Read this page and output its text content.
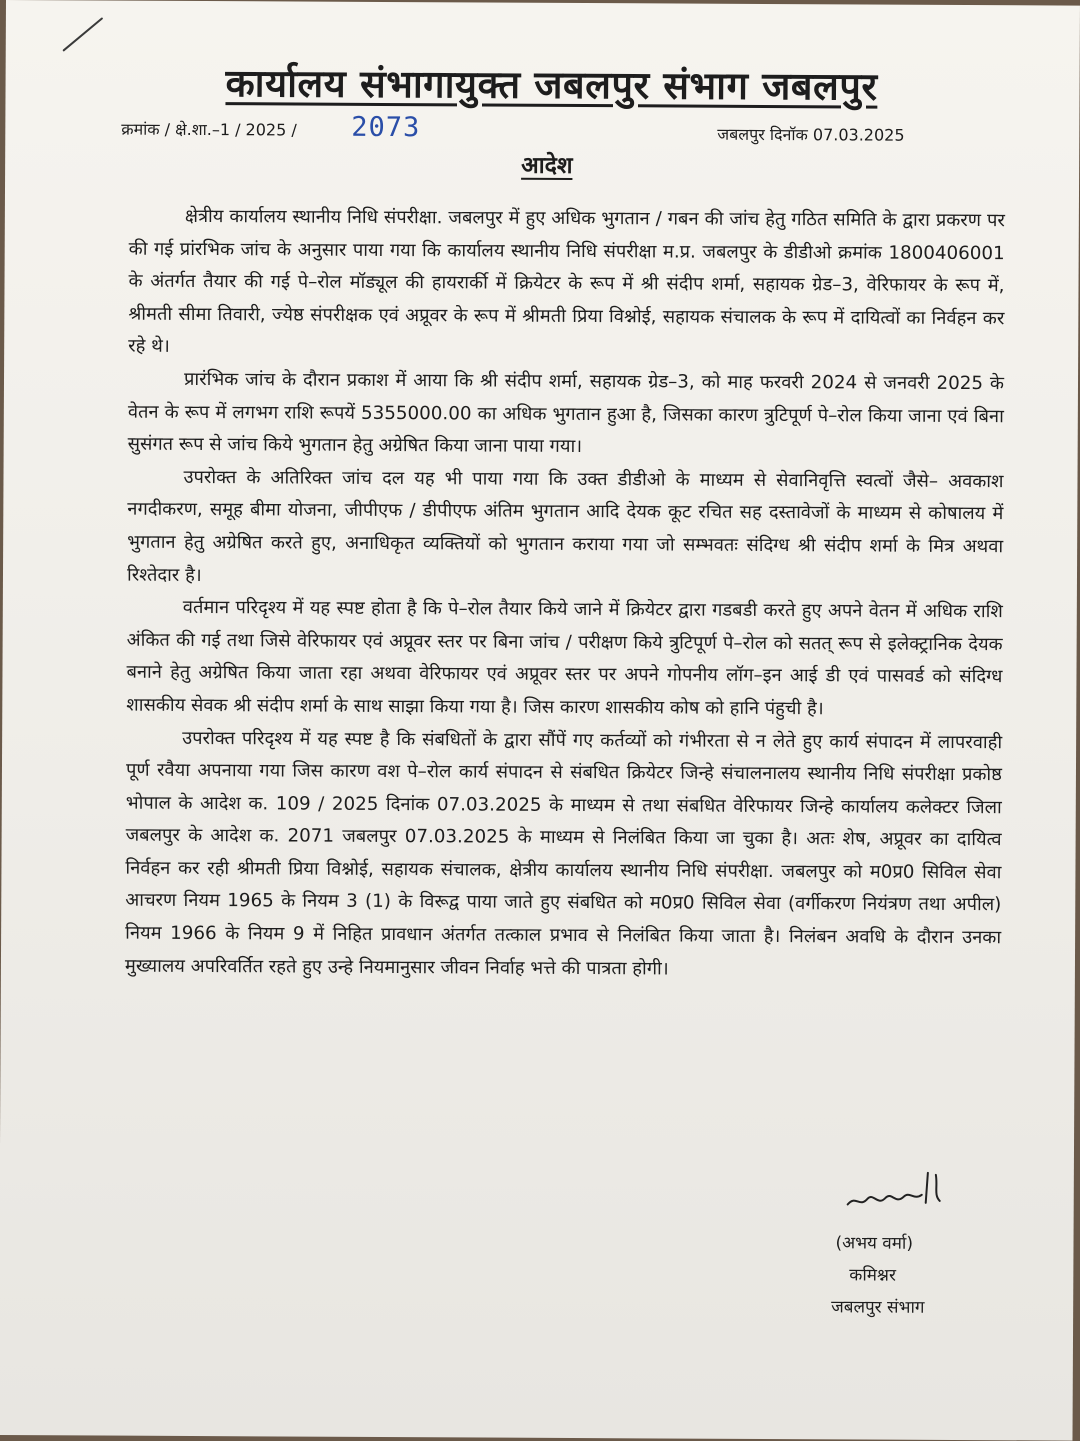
कार्यालय संभागायुक्त जबलपुर संभाग जबलपुर
क्रमांक / क्षे.शा.–1 / 2025 / 2073	जबलपुर दिनॉक 07.03.2025
आदेश

क्षेत्रीय कार्यालय स्थानीय निधि संपरीक्षा. जबलपुर में हुए अधिक भुगतान / गबन की जांच हेतु गठित समिति के द्वारा प्रकरण पर की गई प्रांरभिक जांच के अनुसार पाया गया कि कार्यालय स्थानीय निधि संपरीक्षा म.प्र. जबलपुर के डीडीओ क्रमांक 1800406001 के अंतर्गत तैयार की गई पे–रोल मॉड्यूल की हायरार्की में क्रियेटर के रूप में श्री संदीप शर्मा, सहायक ग्रेड–3, वेरिफायर के रूप में, श्रीमती सीमा तिवारी, ज्येष्ठ संपरीक्षक एवं अप्रूवर के रूप में श्रीमती प्रिया विश्नोई, सहायक संचालक के रूप में दायित्वों का निर्वहन कर रहे थे।

प्रारंभिक जांच के दौरान प्रकाश में आया कि श्री संदीप शर्मा, सहायक ग्रेड–3, को माह फरवरी 2024 से जनवरी 2025 के वेतन के रूप में लगभग राशि रूपयें 5355000.00 का अधिक भुगतान हुआ है, जिसका कारण त्रुटिपूर्ण पे–रोल किया जाना एवं बिना सुसंगत रूप से जांच किये भुगतान हेतु अग्रेषित किया जाना पाया गया।

उपरोक्त के अतिरिक्त जांच दल यह भी पाया गया कि उक्त डीडीओ के माध्यम से सेवानिवृत्ति स्वत्वों जैसे– अवकाश नगदीकरण, समूह बीमा योजना, जीपीएफ / डीपीएफ अंतिम भुगतान आदि देयक कूट रचित सह दस्तावेजों के माध्यम से कोषालय में भुगतान हेतु अग्रेषित करते हुए, अनाधिकृत व्यक्तियों को भुगतान कराया गया जो सम्भवतः संदिग्ध श्री संदीप शर्मा के मित्र अथवा रिश्तेदार है।

वर्तमान परिदृश्य में यह स्पष्ट होता है कि पे–रोल तैयार किये जाने में क्रियेटर द्वारा गडबडी करते हुए अपने वेतन में अधिक राशि अंकित की गई तथा जिसे वेरिफायर एवं अप्रूवर स्तर पर बिना जांच / परीक्षण किये त्रुटिपूर्ण पे–रोल को सतत् रूप से इलेक्ट्रानिक देयक बनाने हेतु अग्रेषित किया जाता रहा अथवा वेरिफायर एवं अप्रूवर स्तर पर अपने गोपनीय लॉग–इन आई डी एवं पासवर्ड को संदिग्ध शासकीय सेवक श्री संदीप शर्मा के साथ साझा किया गया है। जिस कारण शासकीय कोष को हानि पंहुची है।

उपरोक्त परिदृश्य में यह स्पष्ट है कि संबधितों के द्वारा सौंपें गए कर्तव्यों को गंभीरता से न लेते हुए कार्य संपादन में लापरवाही पूर्ण रवैया अपनाया गया जिस कारण वश पे–रोल कार्य संपादन से संबधित क्रियेटर जिन्हे संचालनालय स्थानीय निधि संपरीक्षा प्रकोष्ठ भोपाल के आदेश क. 109 / 2025 दिनांक 07.03.2025 के माध्यम से तथा संबधित वेरिफायर जिन्हे कार्यालय कलेक्टर जिला जबलपुर के आदेश क. 2071 जबलपुर 07.03.2025 के माध्यम से निलंबित किया जा चुका है। अतः शेष, अप्रूवर का दायित्व निर्वहन कर रही श्रीमती प्रिया विश्नोई, सहायक संचालक, क्षेत्रीय कार्यालय स्थानीय निधि संपरीक्षा. जबलपुर को म0प्र0 सिविल सेवा आचरण नियम 1965 के नियम 3 (1) के विरूद्व पाया जाते हुए संबधित को म0प्र0 सिविल सेवा (वर्गीकरण नियंत्रण तथा अपील) नियम 1966 के नियम 9 में निहित प्रावधान अंतर्गत तत्काल प्रभाव से निलंबित किया जाता है। निलंबन अवधि के दौरान उनका मुख्यालय अपरिवर्तित रहते हुए उन्हे नियमानुसार जीवन निर्वाह भत्ते की पात्रता होगी।

(अभय वर्मा)
कमिश्नर
जबलपुर संभाग
